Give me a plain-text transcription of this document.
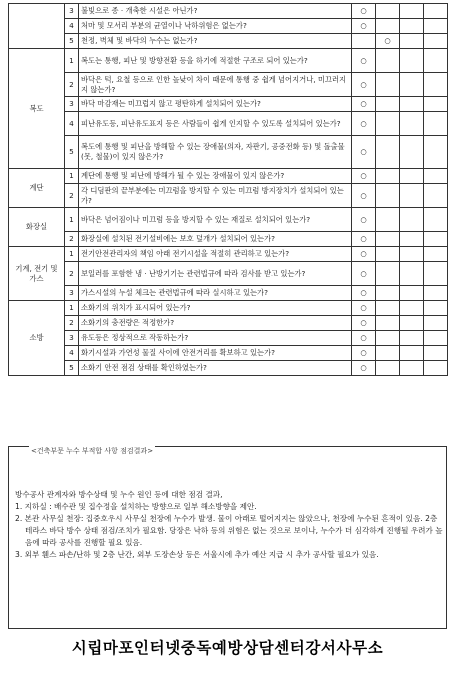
	3	불빛으로 종 · 개축한 시설은 아닌가?	○			
	4	처마 및 모서리 부분의 균열이나 낙하위험은 없는가?	○			
	5	천정, 벽체 및 바닥의 누수는 없는가?		○		
복도	1	복도는 통행, 피난 및 방향전환 등을 하기에 적절한 구조로 되어 있는가?	○			
	2	바닥은 턱, 요철 등으로 인한 높낮이 차이 때문에 통행 중 쉽게 넘어지거나, 미끄러지지 않는가?	○			
	3	바닥 마감재는 미끄럽지 않고 평탄하게 설치되어 있는가?	○			
	4	피난유도등, 피난유도표지 등은 사람들이 쉽게 인지할 수 있도록 설치되어 있는가?	○			
	5	복도에 통행 및 피난을 방해할 수 있는 장애물(의자, 자판기, 공중전화 등) 및 돌출물(못, 철물)이 있지 않은가?	○			
계단	1	계단에 통행 및 피난에 방해가 될 수 있는 장애물이 있지 않은가?	○			
	2	각 디딤판의 끝부분에는 미끄럼을 방지할 수 있는 미끄럼 방지장치가 설치되어 있는가?	○			
화장실	1	바닥은 넘어짐이나 미끄럼 등을 방지할 수 있는 재질로 설치되어 있는가?	○			
	2	화장실에 설치된 전기설비에는 보호 덮개가 설치되어 있는가?	○			
기계, 전기 및 가스	1	전기안전관리자의 책임 아래 전기시설을 적절히 관리하고 있는가?	○			
	2	보일러를 포함한 냉 · 난방기기는 관련법규에 따라 검사를 받고 있는가?	○			
	3	가스시설의 누설 체크는 관련법규에 따라 실시하고 있는가?	○			
소방	1	소화기의 위치가 표시되어 있는가?	○			
	2	소화기의 충전량은 적정한가?	○			
	3	유도등은 정상적으로 작동하는가?	○			
	4	화기시설과 가연성 물질 사이에 안전거리를 확보하고 있는가?	○			
	5	소화기 안전 점검 상태를 확인하였는가?	○			
<건축부문 누수 부적합 사항 점검결과>

방수공사 관계자와 방수상태 및 누수 원인 등에 대한 점검 결과,

1. 지하실 : 배수관 및 집수정을 설치하는 방향으로 일부 해소방향을 제안.

2. 본관 사무실 천장: 집중호우시 사무실 천장에 누수가 발생. 물이 아래로 떨어지지는 않았으나, 천장에 누수된 흔적이 있음. 2층 테라스 바닥 방수 상태 점검/조치가 필요함. 당장은 낙하 등의 위험은 없는 것으로 보이나, 누수가 더 심각하게 진행될 우려가 높음에 따라 공사를 진행할 필요 있음.

3. 외부 휀스 파손/난하 및 2층 난간, 외부 도장손상 등은 서울시에 추가 예산 지급 시 추가 공사할 필요가 있음.

시립마포인터넷중독예방상담센터강서사무소
